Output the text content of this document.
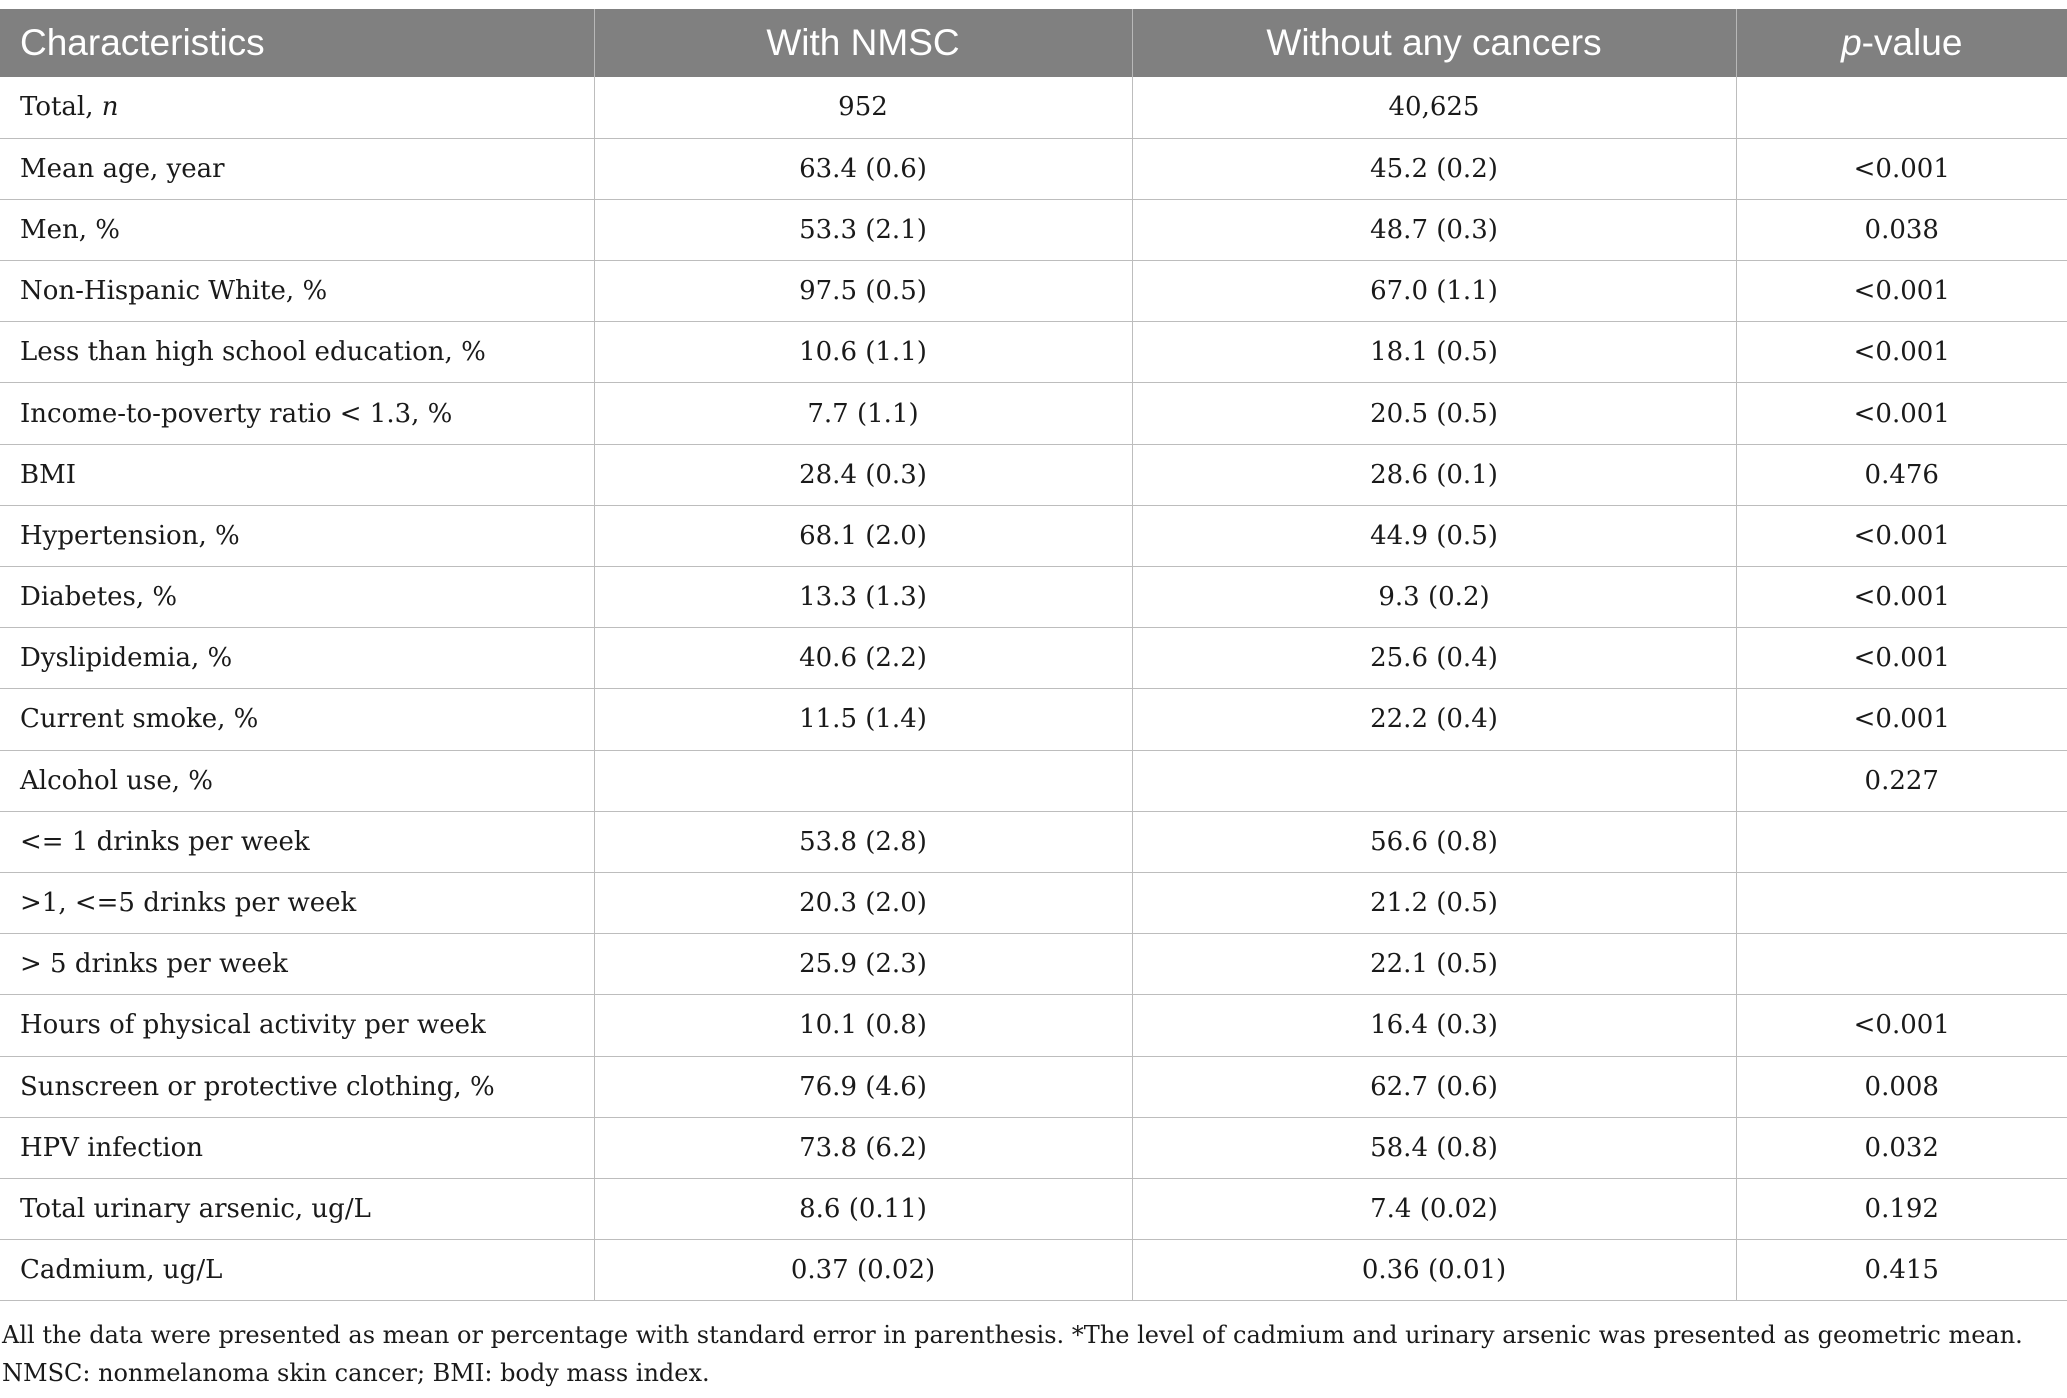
Characteristics	With NMSC	Without any cancers	p-value
Total, n	952	40,625	
Mean age, year	63.4 (0.6)	45.2 (0.2)	<0.001
Men, %	53.3 (2.1)	48.7 (0.3)	0.038
Non-Hispanic White, %	97.5 (0.5)	67.0 (1.1)	<0.001
Less than high school education, %	10.6 (1.1)	18.1 (0.5)	<0.001
Income-to-poverty ratio < 1.3, %	7.7 (1.1)	20.5 (0.5)	<0.001
BMI	28.4 (0.3)	28.6 (0.1)	0.476
Hypertension, %	68.1 (2.0)	44.9 (0.5)	<0.001
Diabetes, %	13.3 (1.3)	9.3 (0.2)	<0.001
Dyslipidemia, %	40.6 (2.2)	25.6 (0.4)	<0.001
Current smoke, %	11.5 (1.4)	22.2 (0.4)	<0.001
Alcohol use, %			0.227
<= 1 drinks per week	53.8 (2.8)	56.6 (0.8)	
>1, <=5 drinks per week	20.3 (2.0)	21.2 (0.5)	
> 5 drinks per week	25.9 (2.3)	22.1 (0.5)	
Hours of physical activity per week	10.1 (0.8)	16.4 (0.3)	<0.001
Sunscreen or protective clothing, %	76.9 (4.6)	62.7 (0.6)	0.008
HPV infection	73.8 (6.2)	58.4 (0.8)	0.032
Total urinary arsenic, ug/L	8.6 (0.11)	7.4 (0.02)	0.192
Cadmium, ug/L	0.37 (0.02)	0.36 (0.01)	0.415
All the data were presented as mean or percentage with standard error in parenthesis. *The level of cadmium and urinary arsenic was presented as geometric mean. NMSC: nonmelanoma skin cancer; BMI: body mass index.
